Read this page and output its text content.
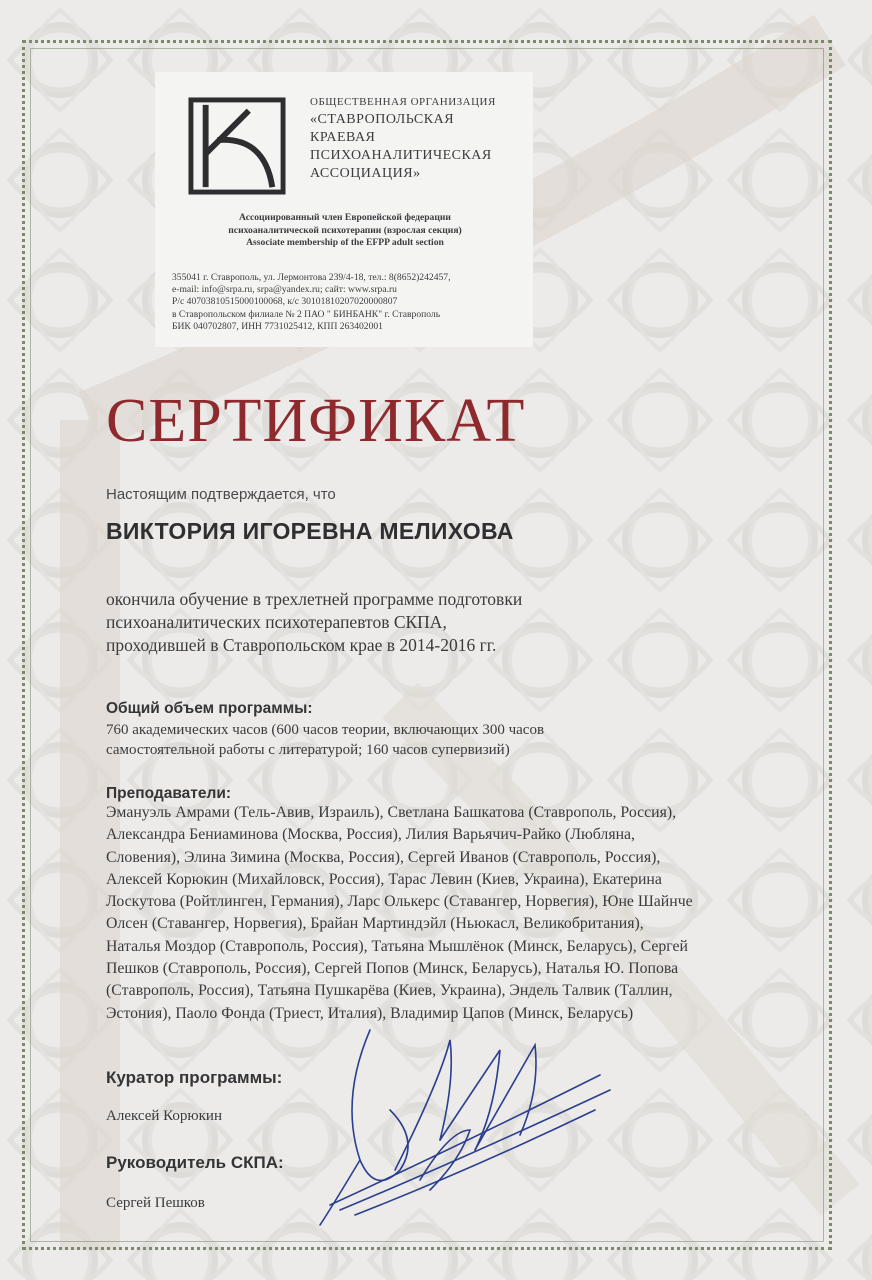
ОБЩЕСТВЕННАЯ ОРГАНИЗАЦИЯ
«СТАВРОПОЛЬСКАЯ
КРАЕВАЯ
ПСИХОАНАЛИТИЧЕСКАЯ
АССОЦИАЦИЯ»
Ассоциированный член Европейской федерации
психоаналитической психотерапии (взрослая секция)
Associate membership of the EFPP adult section
355041 г. Ставрополь, ул. Лермонтова 239/4-18, тел.: 8(8652)242457,
e-mail: info@srpa.ru, srpa@yandex.ru; сайт: www.srpa.ru
Р/с 40703810515000100068, к/с 30101810207020000807
в Ставропольском филиале № 2 ПАО " БИНБАНК" г. Ставрополь
БИК 040702807, ИНН 7731025412, КПП 263402001
СЕРТИФИКАТ
Настоящим подтверждается, что
ВИКТОРИЯ ИГОРЕВНА МЕЛИХОВА
окончила обучение в трехлетней программе подготовки
психоаналитических психотерапевтов СКПА,
проходившей в Ставропольском крае в 2014-2016 гг.
Общий объем программы:
760 академических часов (600 часов теории, включающих 300 часов
самостоятельной работы с литературой; 160 часов супервизий)
Преподаватели:
Эмануэль Амрами (Тель-Авив, Израиль), Светлана Башкатова (Ставрополь, Россия),
Александра Бениаминова (Москва, Россия), Лилия Варьячич-Райко (Любляна,
Словения), Элина Зимина (Москва, Россия), Сергей Иванов (Ставрополь, Россия),
Алексей Корюкин (Михайловск, Россия), Тарас Левин (Киев, Украина), Екатерина
Лоскутова (Ройтлинген, Германия), Ларс Олькерс (Ставангер, Норвегия), Юне Шайнче
Олсен (Ставангер, Норвегия), Брайан Мартиндэйл (Ньюкасл, Великобритания),
Наталья Моздор (Ставрополь, Россия), Татьяна Мышлёнок (Минск, Беларусь), Сергей
Пешков (Ставрополь, Россия), Сергей Попов (Минск, Беларусь), Наталья Ю. Попова
(Ставрополь, Россия), Татьяна Пушкарёва (Киев, Украина), Эндель Талвик (Таллин,
Эстония), Паоло Фонда (Триест, Италия), Владимир Цапов (Минск, Беларусь)
Куратор программы:
Алексей Корюкин
Руководитель СКПА:
Сергей Пешков
